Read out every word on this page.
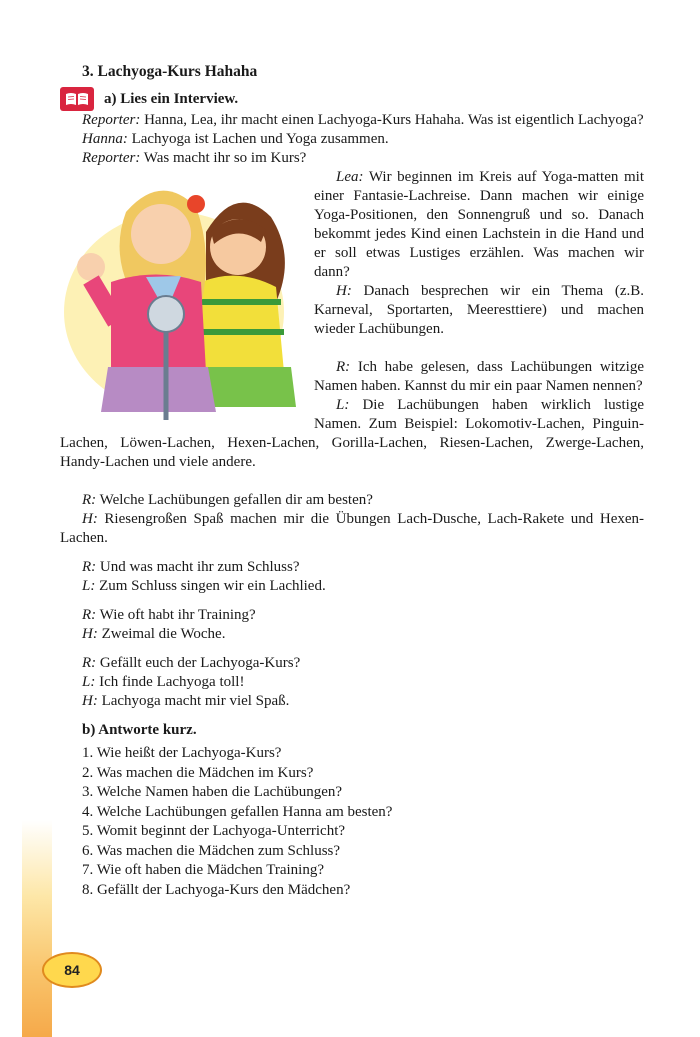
3. Lachyoga-Kurs Hahaha
a) Lies ein Interview.

Reporter: Hanna, Lea, ihr macht einen Lachyoga-Kurs Hahaha. Was ist eigentlich Lachyoga?

Hanna: Lachyoga ist Lachen und Yoga zusammen.

Reporter: Was macht ihr so im Kurs?

Lea: Wir beginnen im Kreis auf Yoga-matten mit einer Fantasie-Lachreise. Dann machen wir einige Yoga-Positionen, den Sonnengruß und so. Danach bekommt jedes Kind einen Lachstein in die Hand und er soll etwas Lustiges erzählen. Was machen wir dann?

H: Danach besprechen wir ein Thema (z.B. Karneval, Sportarten, Meeresttiere) und machen wieder Lachübungen.

R: Ich habe gelesen, dass Lachübungen witzige Namen haben. Kannst du mir ein paar Namen nennen?

L: Die Lachübungen haben wirklich lustige Namen. Zum Beispiel: Lokomotiv-Lachen, Pinguin-Lachen, Löwen-Lachen, Hexen-Lachen, Gorilla-Lachen, Riesen-Lachen, Zwerge-Lachen, Handy-Lachen und viele andere.

R: Welche Lachübungen gefallen dir am besten?

H: Riesengroßen Spaß machen mir die Übungen Lach-Dusche, Lach-Rakete und Hexen-Lachen.

R: Und was macht ihr zum Schluss?

L: Zum Schluss singen wir ein Lachlied.

R: Wie oft habt ihr Training?

H: Zweimal die Woche.

R: Gefällt euch der Lachyoga-Kurs?

L: Ich finde Lachyoga toll!

H: Lachyoga macht mir viel Spaß.

b) Antworte kurz.
1. Wie heißt der Lachyoga-Kurs?
2. Was machen die Mädchen im Kurs?
3. Welche Namen haben die Lachübungen?
4. Welche Lachübungen gefallen Hanna am besten?
5. Womit beginnt der Lachyoga-Unterricht?
6. Was machen die Mädchen zum Schluss?
7. Wie oft haben die Mädchen Training?
8. Gefällt der Lachyoga-Kurs den Mädchen?
84
